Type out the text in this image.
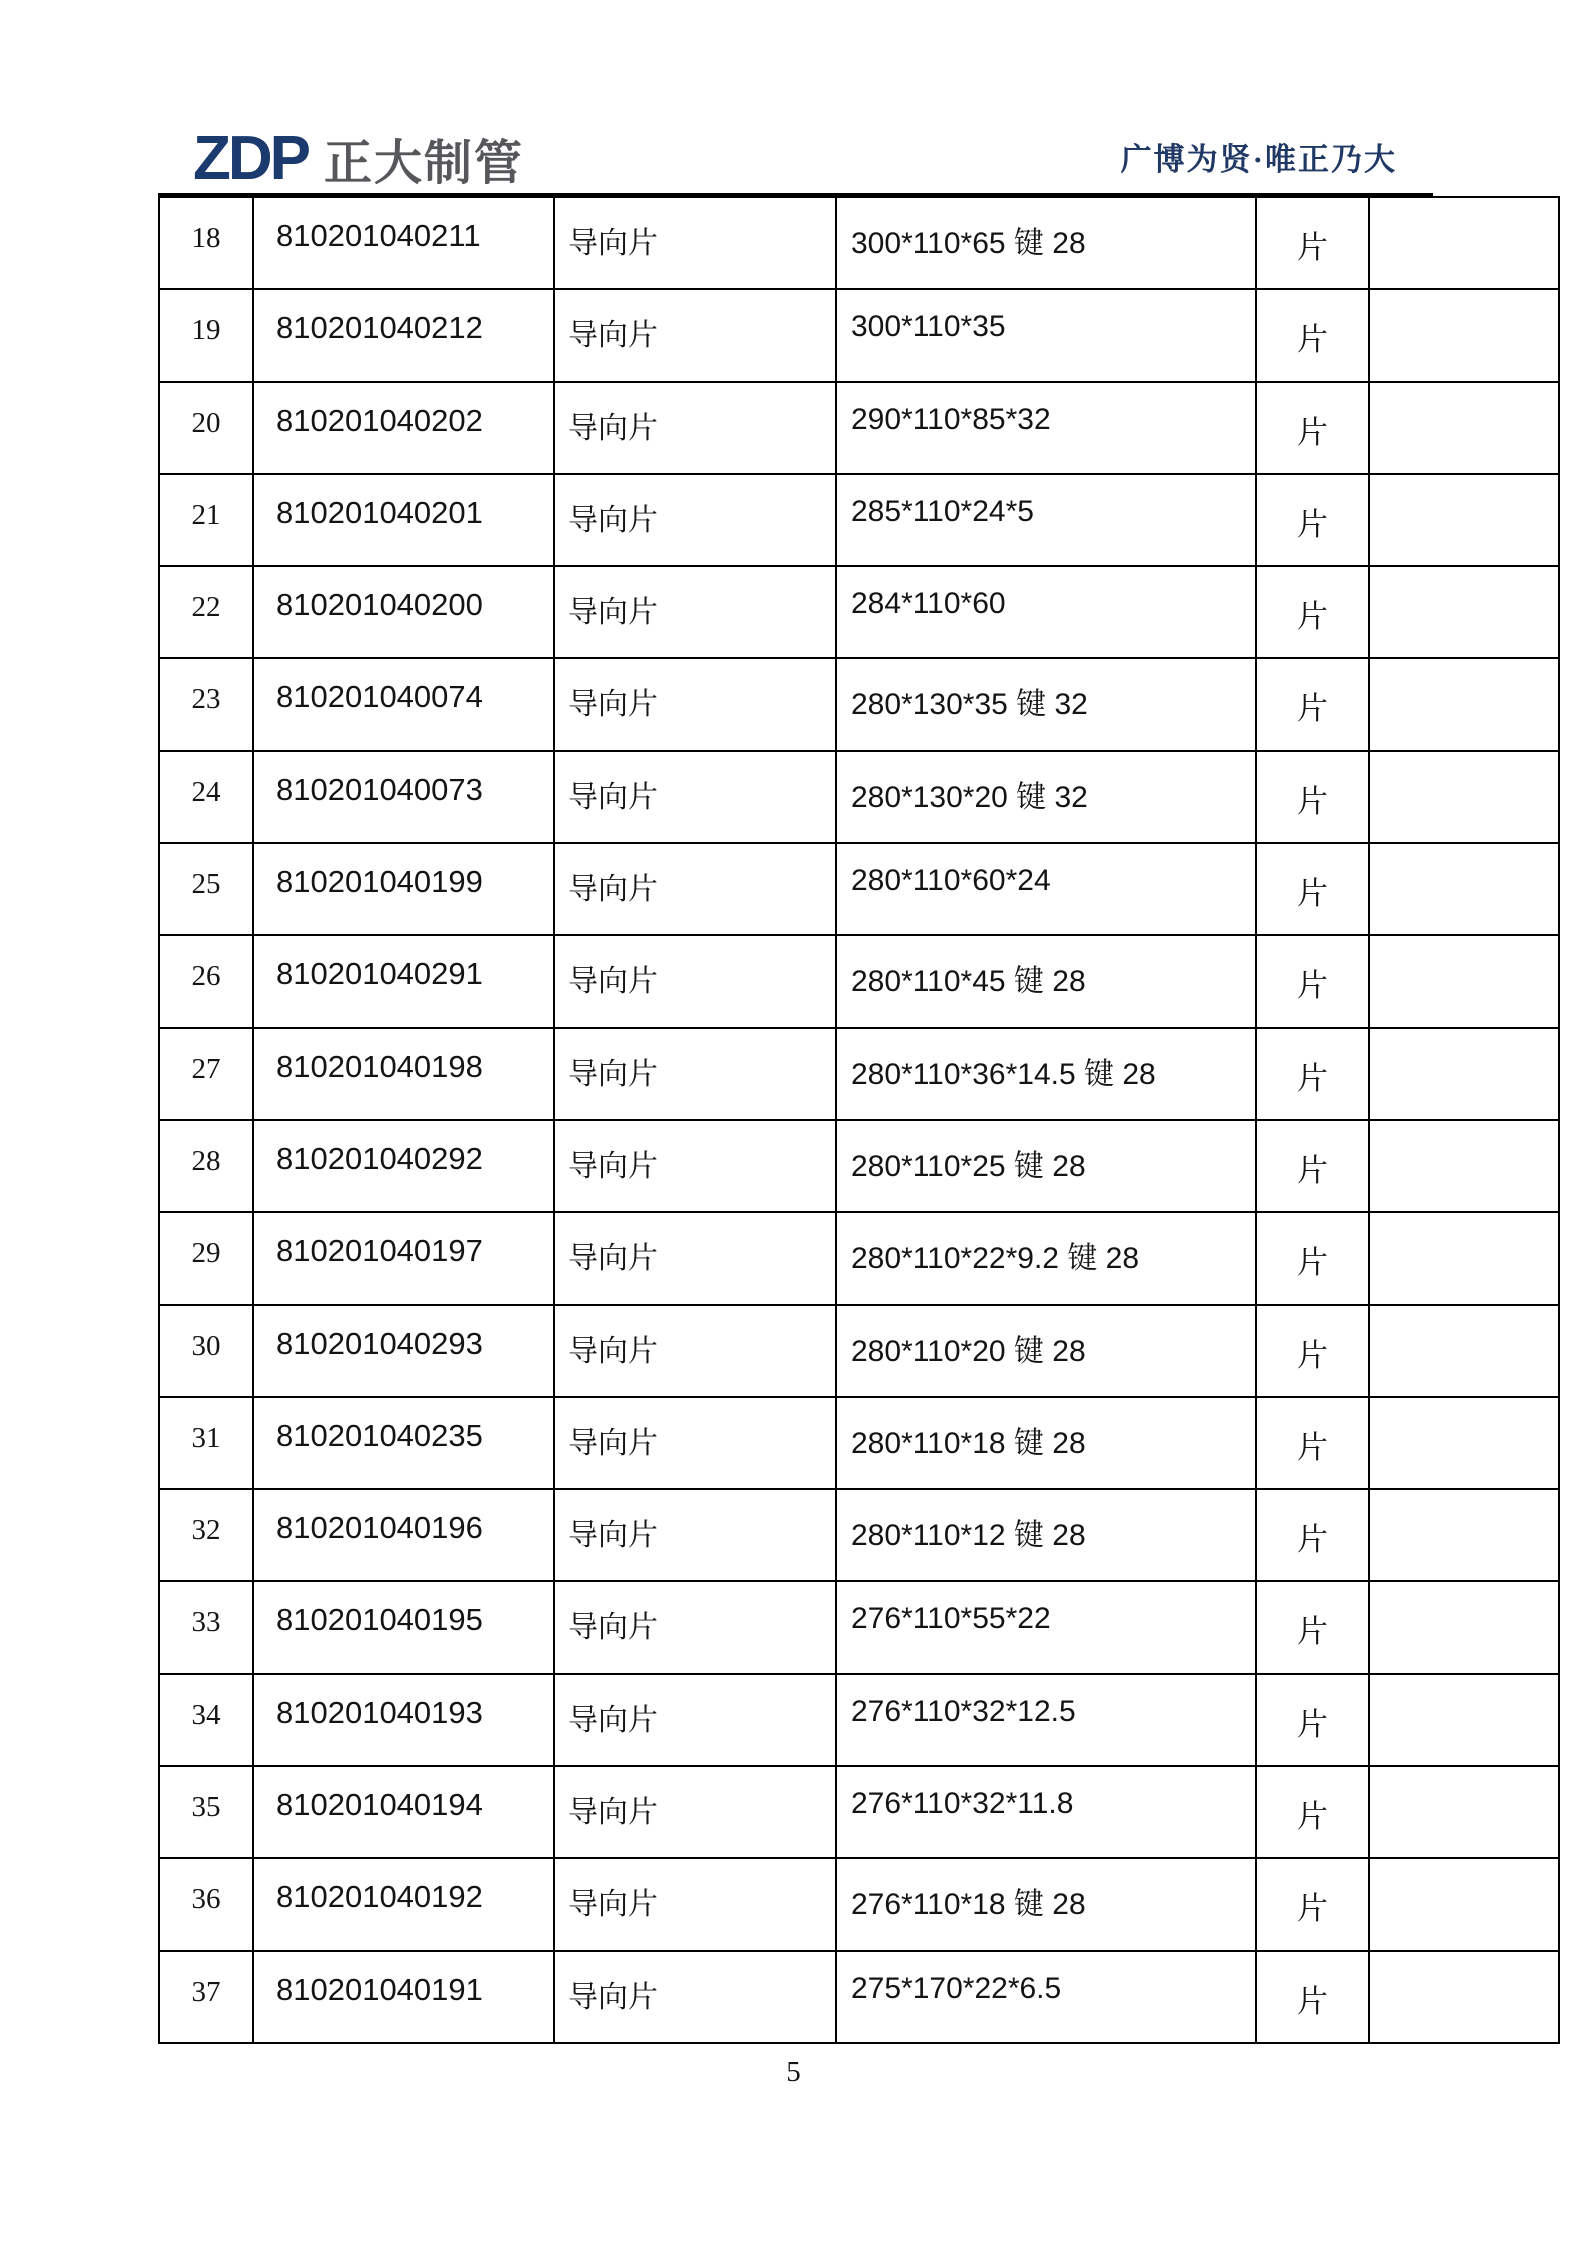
ZDP 正大制管	广博为贤·唯正乃大
18	810201040211	导向片	300*110*65 键 28	片	
19	810201040212	导向片	300*110*35	片	
20	810201040202	导向片	290*110*85*32	片	
21	810201040201	导向片	285*110*24*5	片	
22	810201040200	导向片	284*110*60	片	
23	810201040074	导向片	280*130*35 键 32	片	
24	810201040073	导向片	280*130*20 键 32	片	
25	810201040199	导向片	280*110*60*24	片	
26	810201040291	导向片	280*110*45 键 28	片	
27	810201040198	导向片	280*110*36*14.5 键 28	片	
28	810201040292	导向片	280*110*25 键 28	片	
29	810201040197	导向片	280*110*22*9.2 键 28	片	
30	810201040293	导向片	280*110*20 键 28	片	
31	810201040235	导向片	280*110*18 键 28	片	
32	810201040196	导向片	280*110*12 键 28	片	
33	810201040195	导向片	276*110*55*22	片	
34	810201040193	导向片	276*110*32*12.5	片	
35	810201040194	导向片	276*110*32*11.8	片	
36	810201040192	导向片	276*110*18 键 28	片	
37	810201040191	导向片	275*170*22*6.5	片	
5
